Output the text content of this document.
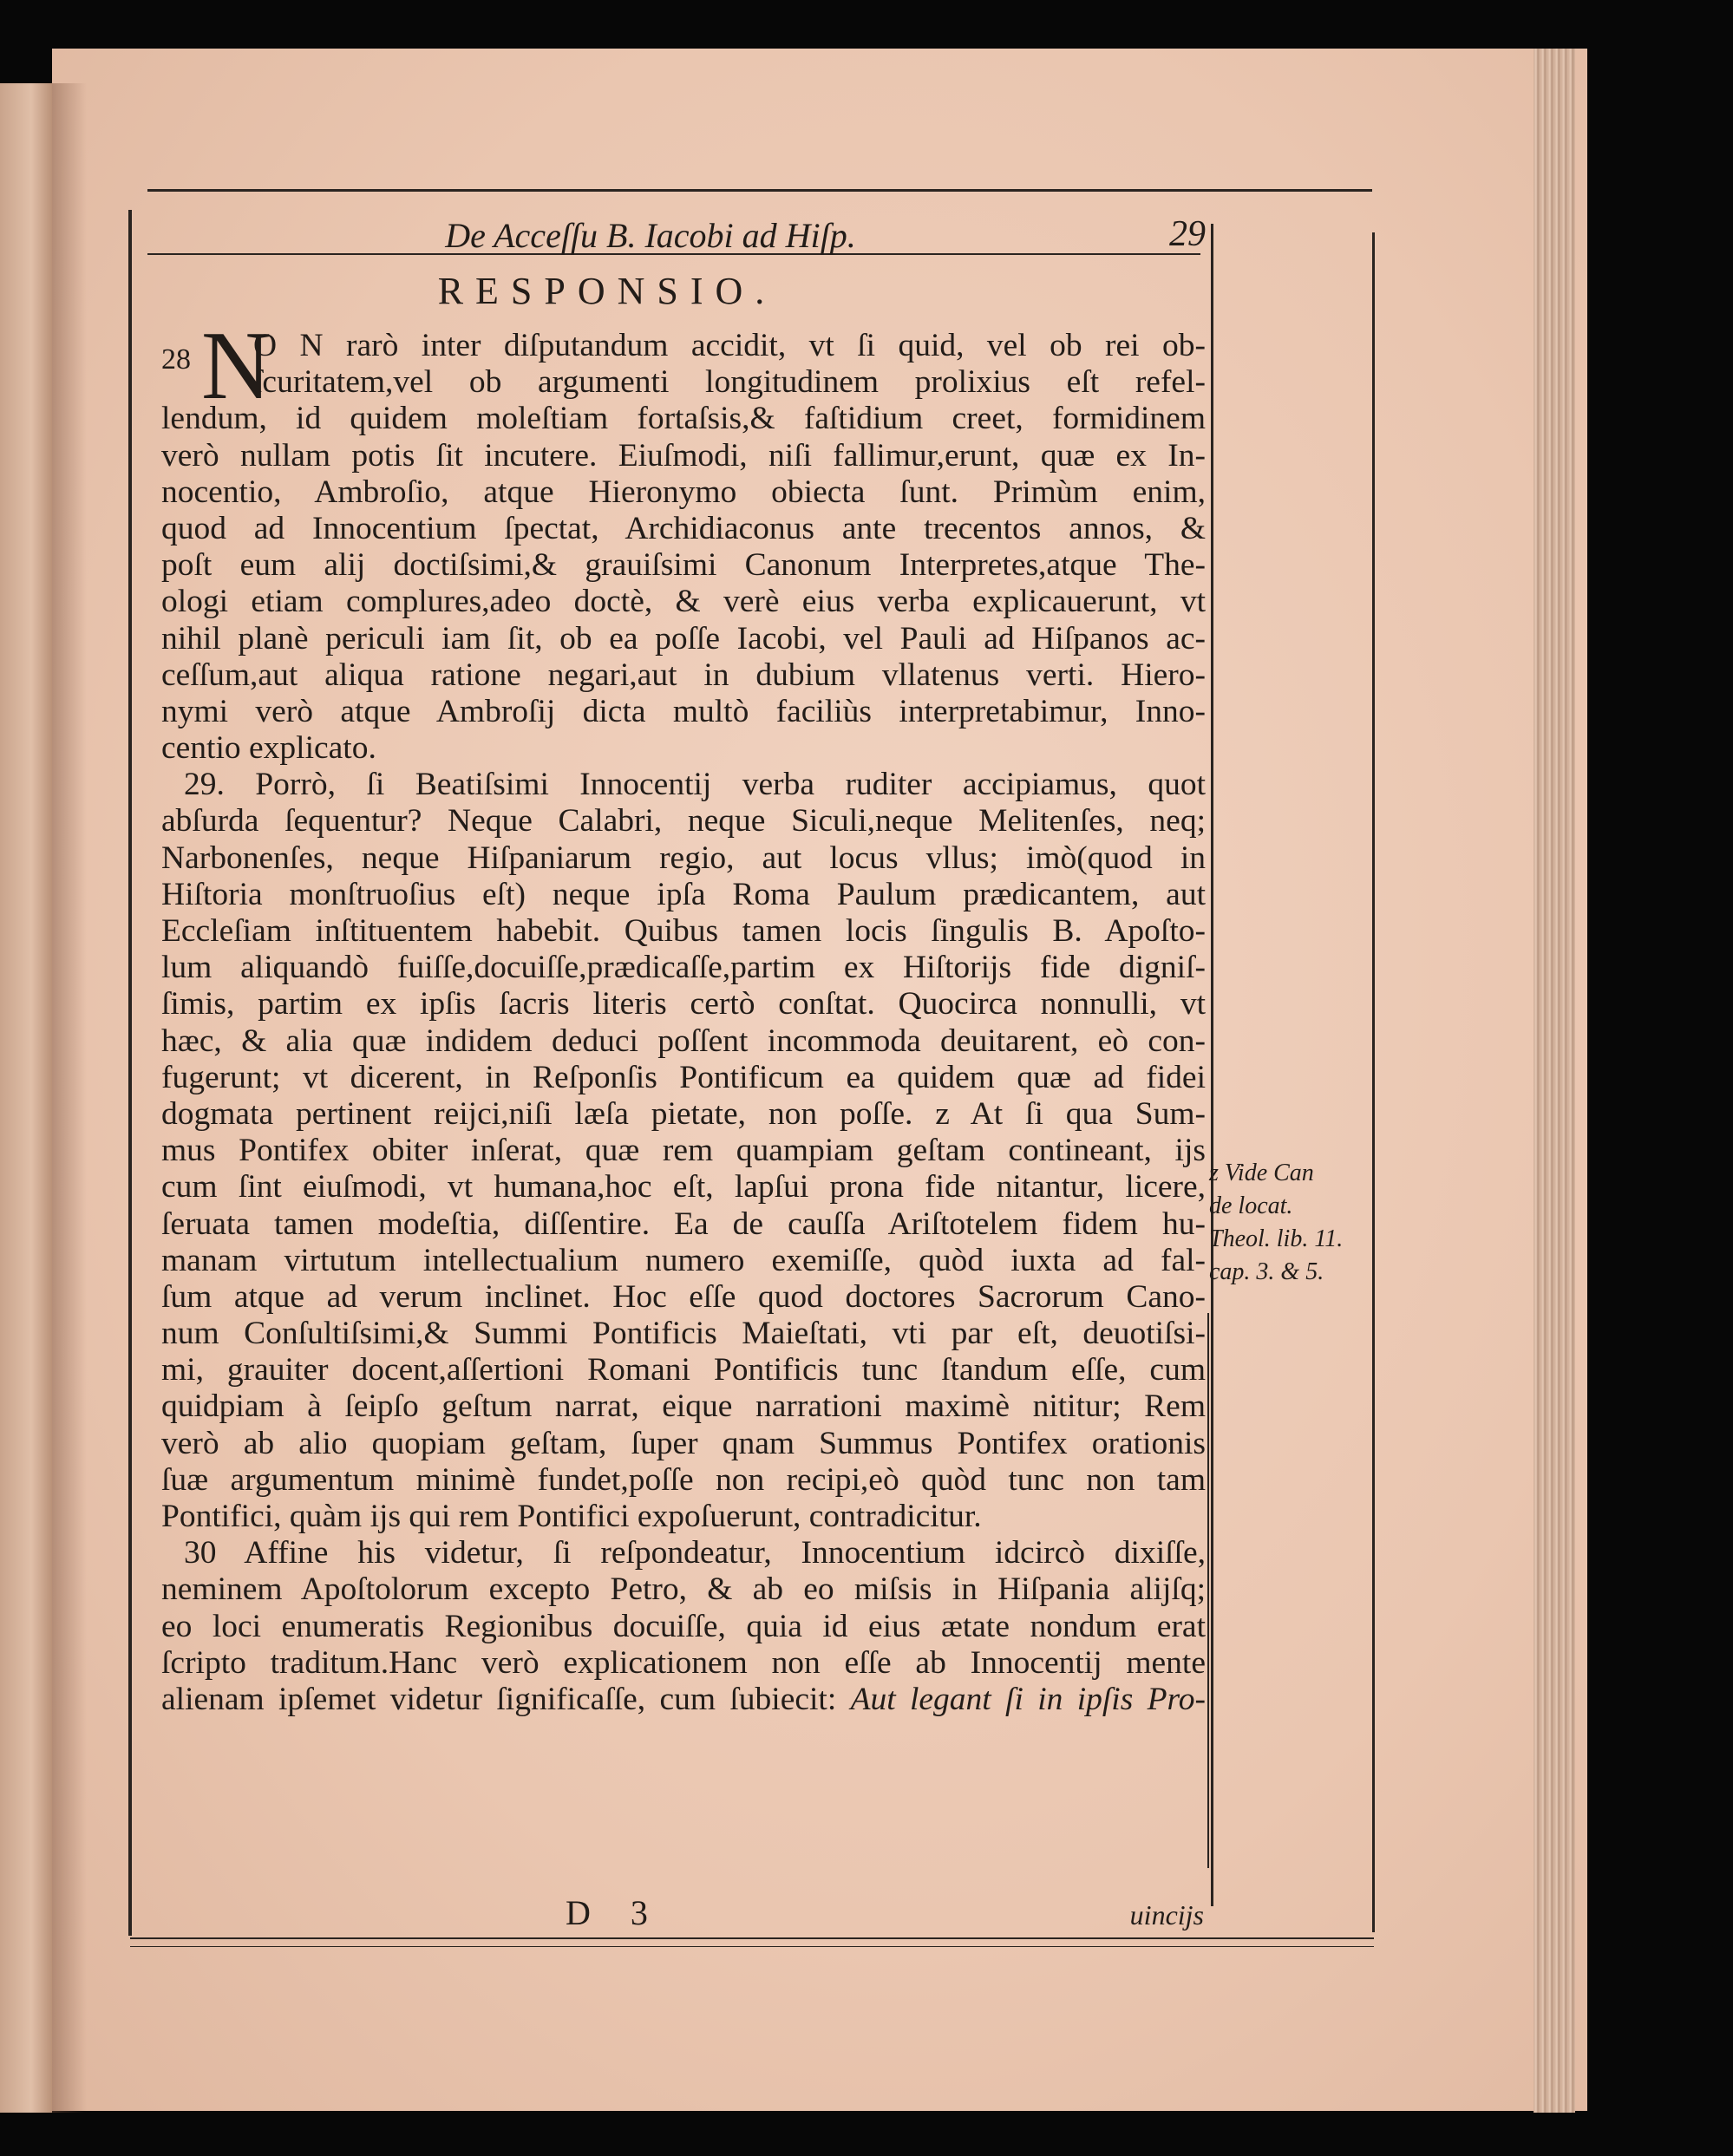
De Acceſſu B. Iacobi ad Hiſp.	29
RESPONSIO.
28 N
O N rarò inter diſputandum accidit, vt ſi quid, vel ob rei ob-
ſcuritatem,vel ob argumenti longitudinem prolixius eſt refel-
lendum, id quidem moleſtiam fortaſsis,& faſtidium creet, formidinem
verò nullam potis ſit incutere. Eiuſmodi, niſi fallimur,erunt, quæ ex In-
nocentio, Ambroſio, atque Hieronymo obiecta ſunt. Primùm enim,
quod ad Innocentium ſpectat, Archidiaconus ante trecentos annos, &
poſt eum alij doctiſsimi,& grauiſsimi Canonum Interpretes,atque The-
ologi etiam complures,adeo doctè, & verè eius verba explicauerunt, vt
nihil planè periculi iam ſit, ob ea poſſe Iacobi, vel Pauli ad Hiſpanos ac-
ceſſum,aut aliqua ratione negari,aut in dubium vllatenus verti. Hiero-
nymi verò atque Ambroſij dicta multò faciliùs interpretabimur, Inno-
centio explicato.
29. Porrò, ſi Beatiſsimi Innocentij verba ruditer accipiamus, quot
abſurda ſequentur? Neque Calabri, neque Siculi,neque Melitenſes, neq;
Narbonenſes, neque Hiſpaniarum regio, aut locus vllus; imò(quod in
Hiſtoria monſtruoſius eſt) neque ipſa Roma Paulum prædicantem, aut
Eccleſiam inſtituentem habebit. Quibus tamen locis ſingulis B. Apoſto-
lum aliquandò fuiſſe,docuiſſe,prædicaſſe,partim ex Hiſtorijs fide digniſ-
ſimis, partim ex ipſis ſacris literis certò conſtat. Quocirca nonnulli, vt
hæc, & alia quæ indidem deduci poſſent incommoda deuitarent, eò con-
fugerunt; vt dicerent, in Reſponſis Pontificum ea quidem quæ ad fidei
dogmata pertinent reijci,niſi læſa pietate, non poſſe. z At ſi qua Sum-
mus Pontifex obiter inſerat, quæ rem quampiam geſtam contineant, ijs
cum ſint eiuſmodi, vt humana,hoc eſt, lapſui prona fide nitantur, licere,
ſeruata tamen modeſtia, diſſentire. Ea de cauſſa Ariſtotelem fidem hu-
manam virtutum intellectualium numero exemiſſe, quòd iuxta ad fal-
ſum atque ad verum inclinet. Hoc eſſe quod doctores Sacrorum Cano-
num Conſultiſsimi,& Summi Pontificis Maieſtati, vti par eſt, deuotiſsi-
mi, grauiter docent,aſſertioni Romani Pontificis tunc ſtandum eſſe, cum
quidpiam à ſeipſo geſtum narrat, eique narrationi maximè nititur; Rem
verò ab alio quopiam geſtam, ſuper qnam Summus Pontifex orationis
ſuæ argumentum minimè fundet,poſſe non recipi,eò quòd tunc non tam
Pontifici, quàm ijs qui rem Pontifici expoſuerunt, contradicitur.
30 Affine his videtur, ſi reſpondeatur, Innocentium idcircò dixiſſe,
neminem Apoſtolorum excepto Petro, & ab eo miſsis in Hiſpania alijſq;
eo loci enumeratis Regionibus docuiſſe, quia id eius ætate nondum erat
ſcripto traditum.Hanc verò explicationem non eſſe ab Innocentij mente
alienam ipſemet videtur ſignificaſſe, cum ſubiecit: Aut legant ſi in ipſis Pro-
z Vide Can
de locat.
Theol. lib. 11.
cap. 3. & 5.
D 3	uincijs
